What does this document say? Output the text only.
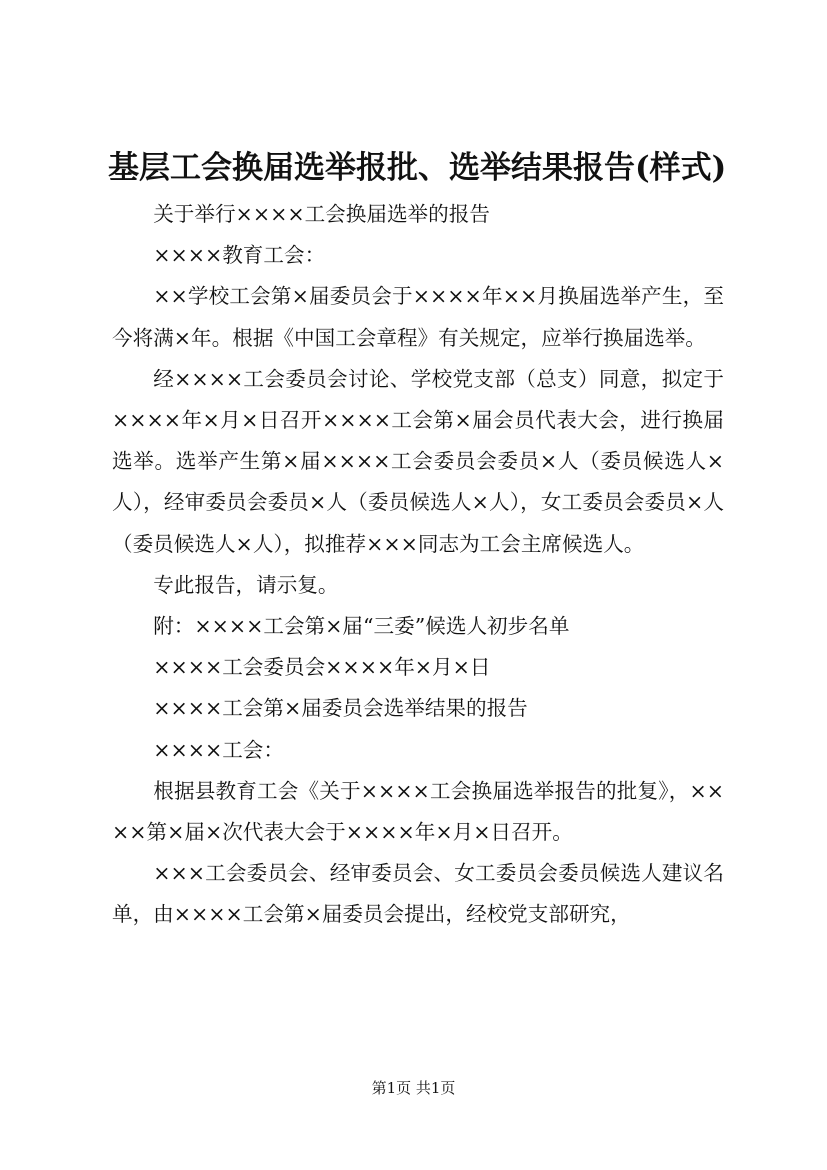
基层工会换届选举报批、选举结果报告(样式)

关于举行××××工会换届选举的报告

××××教育工会：

××学校工会第×届委员会于××××年××月换届选举产生，至今将满×年。根据《中国工会章程》有关规定，应举行换届选举。

经××××工会委员会讨论、学校党支部（总支）同意，拟定于××××年×月×日召开××××工会第×届会员代表大会，进行换届选举。选举产生第×届××××工会委员会委员×人（委员候选人×人），经审委员会委员×人（委员候选人×人），女工委员会委员×人（委员候选人×人），拟推荐×××同志为工会主席候选人。

专此报告，请示复。

附：××××工会第×届“三委”候选人初步名单

××××工会委员会××××年×月×日

××××工会第×届委员会选举结果的报告

××××工会：

根据县教育工会《关于××××工会换届选举报告的批复》，××××第×届×次代表大会于××××年×月×日召开。

×××工会委员会、经审委员会、女工委员会委员候选人建议名单，由××××工会第×届委员会提出，经校党支部研究，

第1页 共1页
